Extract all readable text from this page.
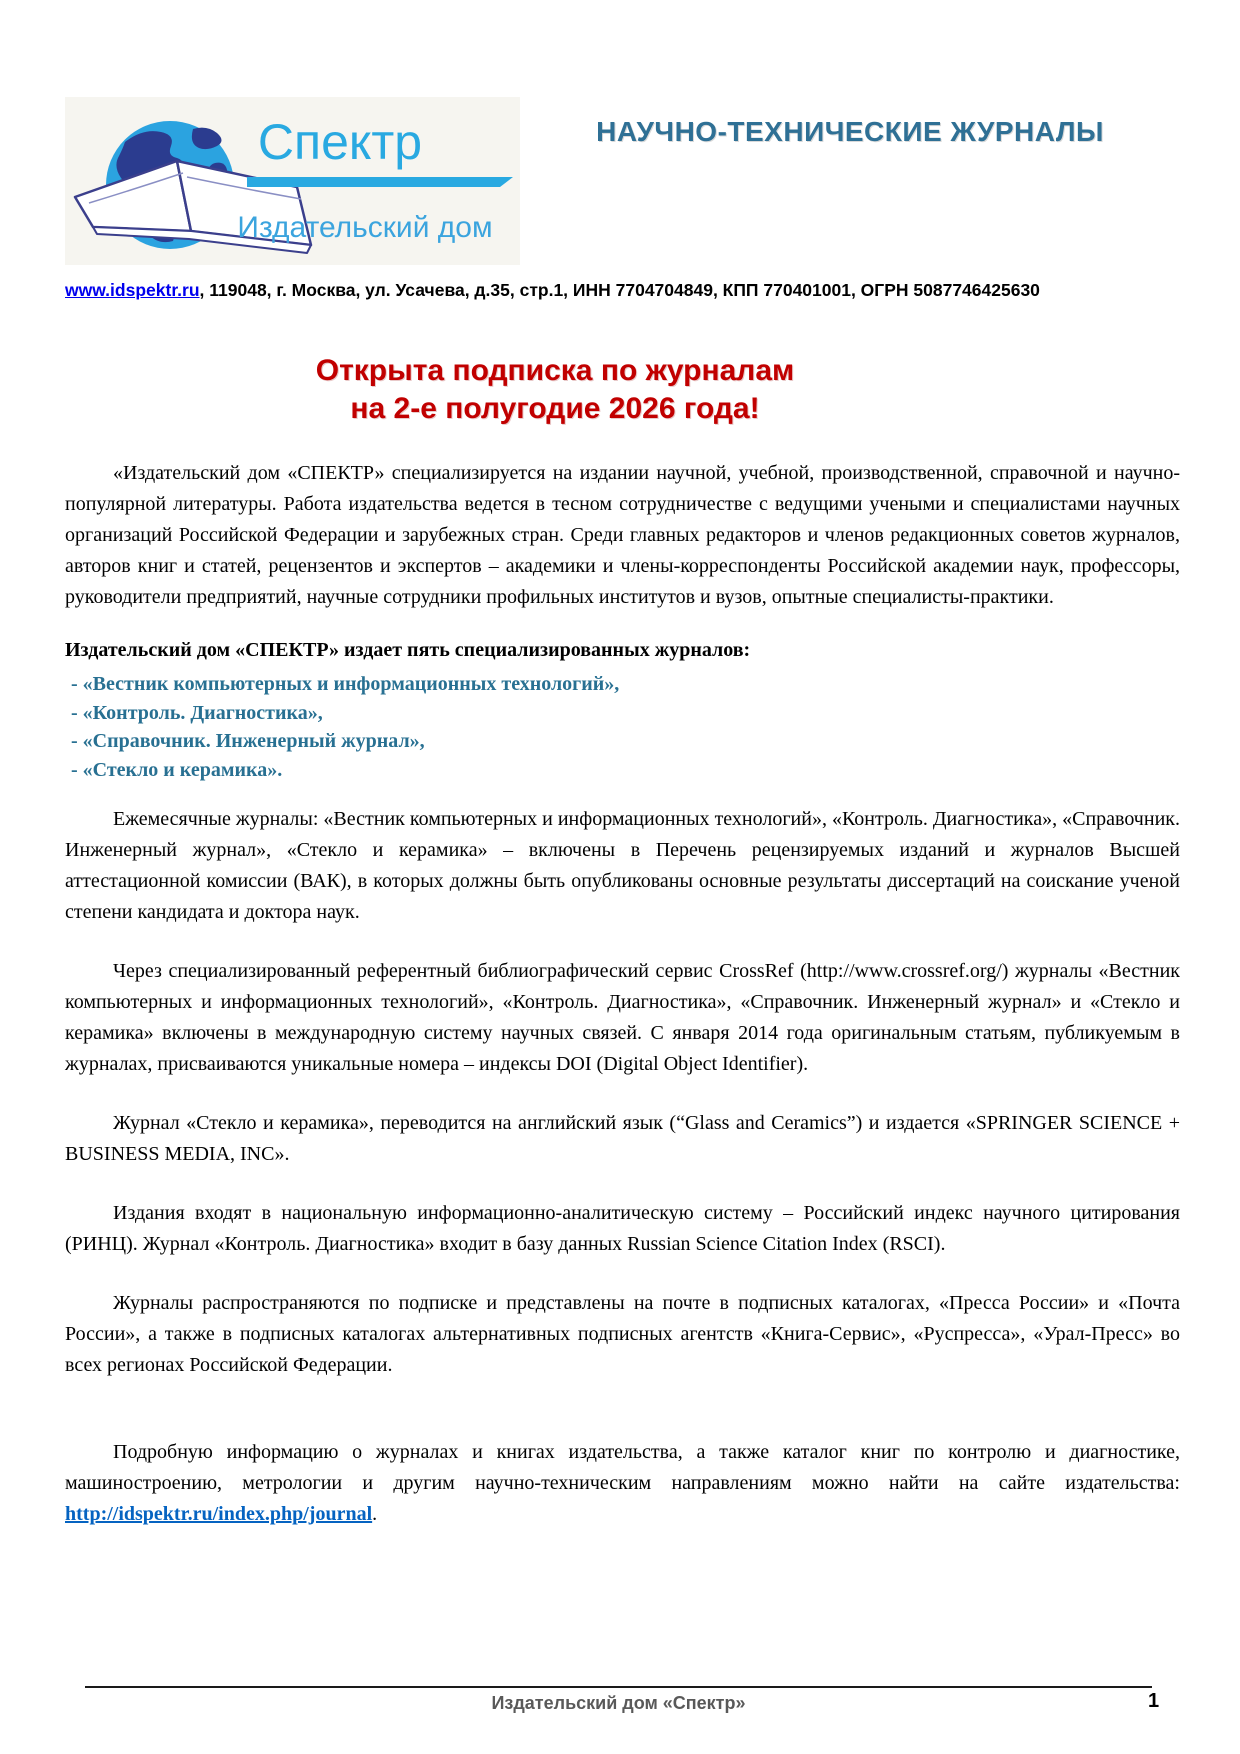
Спектр
Издательский дом
НАУЧНО-ТЕХНИЧЕСКИЕ ЖУРНАЛЫ
www.idspektr.ru, 119048, г. Москва, ул. Усачева, д.35, стр.1, ИНН 7704704849, КПП 770401001, ОГРН 5087746425630
Открыта подписка по журналам
на 2-е полугодие 2026 года!

«Издательский дом «СПЕКТР» специализируется на издании научной, учебной, производственной, справочной и научно-популярной литературы. Работа издательства ведется в тесном сотрудничестве с ведущими учеными и специалистами научных организаций Российской Федерации и зарубежных стран. Среди главных редакторов и членов редакционных советов журналов, авторов книг и статей, рецензентов и экспертов – академики и члены-корреспонденты Российской академии наук, профессоры, руководители предприятий, научные сотрудники профильных институтов и вузов, опытные специалисты-практики.

Издательский дом «СПЕКТР» издает пять специализированных журналов:

- «Вестник компьютерных и информационных технологий»,
- «Контроль. Диагностика»,
- «Справочник. Инженерный журнал»,
- «Стекло и керамика».

Ежемесячные журналы: «Вестник компьютерных и информационных технологий», «Контроль. Диагностика», «Справочник. Инженерный журнал», «Стекло и керамика» – включены в Перечень рецензируемых изданий и журналов Высшей аттестационной комиссии (ВАК), в которых должны быть опубликованы основные результаты диссертаций на соискание ученой степени кандидата и доктора наук.

Через специализированный референтный библиографический сервис CrossRef (http://www.crossref.org/) журналы «Вестник компьютерных и информационных технологий», «Контроль. Диагностика», «Справочник. Инженерный журнал» и «Стекло и керамика» включены в международную систему научных связей. С января 2014 года оригинальным статьям, публикуемым в журналах, присваиваются уникальные номера – индексы DOI (Digital Object Identifier).

Журнал «Стекло и керамика», переводится на английский язык (“Glass and Ceramics”) и издается «SPRINGER SCIENCE + BUSINESS MEDIA, INC».

Издания входят в национальную информационно-аналитическую систему – Российский индекс научного цитирования (РИНЦ). Журнал «Контроль. Диагностика» входит в базу данных Russian Science Citation Index (RSCI).

Журналы распространяются по подписке и представлены на почте в подписных каталогах, «Пресса России» и «Почта России», а также в подписных каталогах альтернативных подписных агентств «Книга-Сервис», «Руспресса», «Урал-Пресс» во всех регионах Российской Федерации.

Подробную информацию о журналах и книгах издательства, а также каталог книг по контролю и диагностике, машиностроению, метрологии и другим научно-техническим направлениям можно найти на сайте издательства: http://idspektr.ru/index.php/journal.

Издательский дом «Спектр»	1
